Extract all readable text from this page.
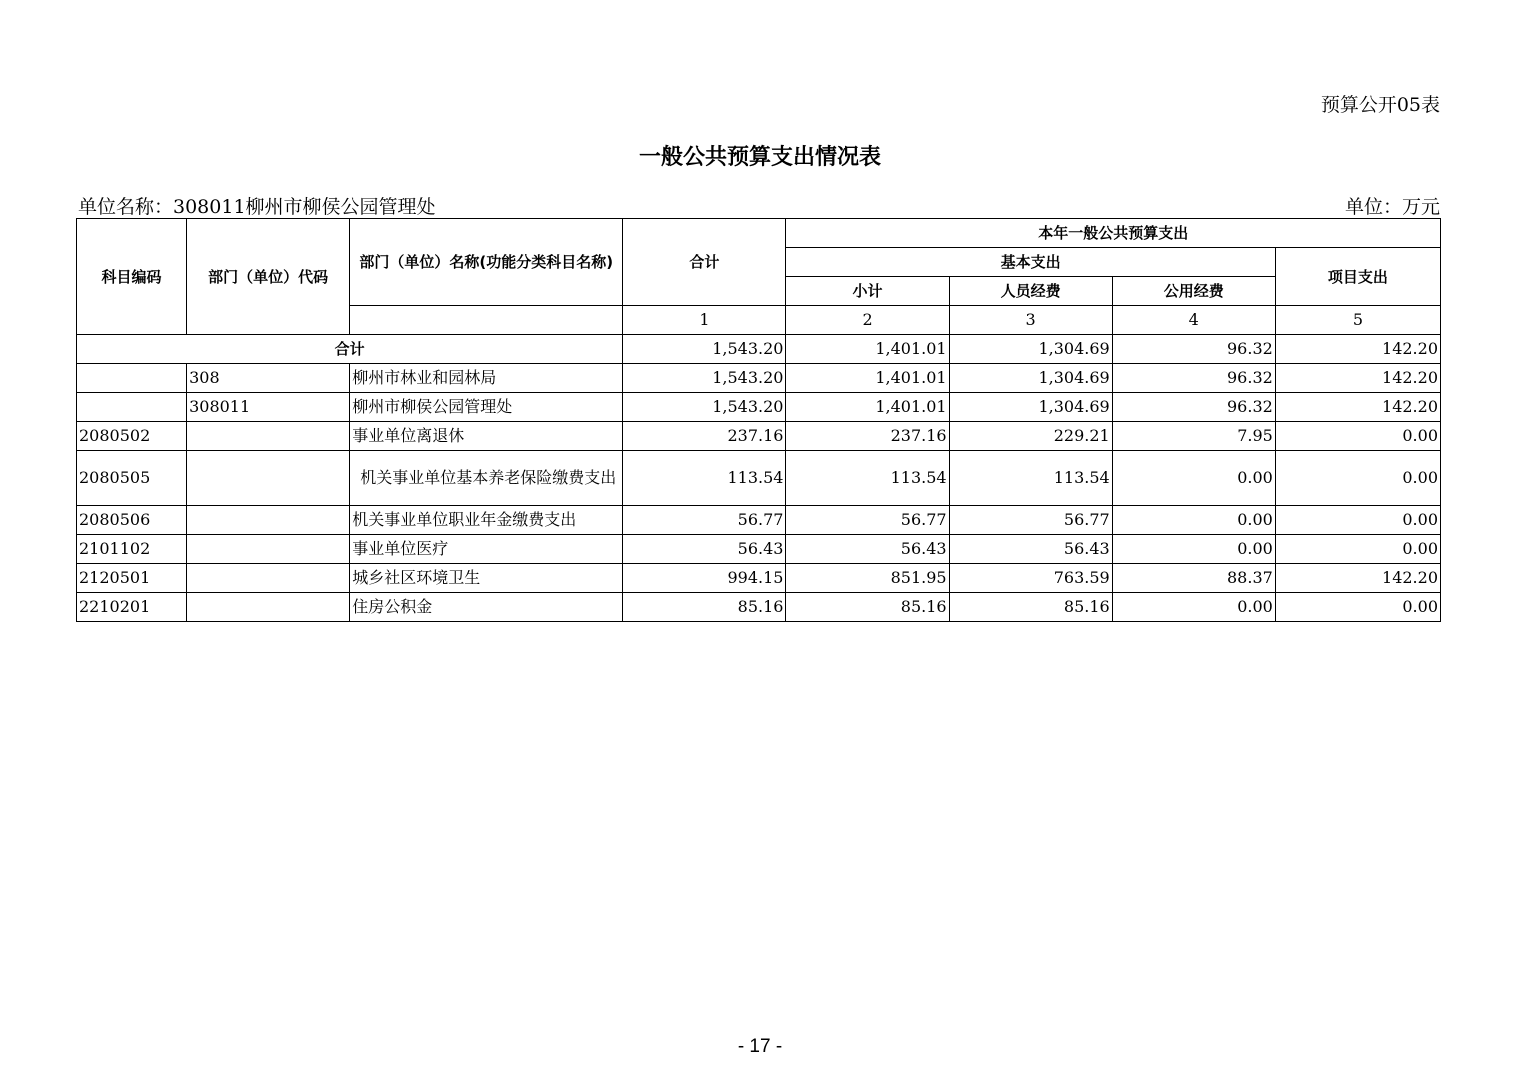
预算公开05表
一般公共预算支出情况表
单位名称：308011柳州市柳侯公园管理处	单位：万元
科目编码	部门（单位）代码	部门（单位）名称(功能分类科目名称)	合计	本年一般公共预算支出			
				基本支出			项目支出
				小计	人员经费	公用经费	
			1	2	3	4	5
合计			1,543.20	1,401.01	1,304.69	96.32	142.20
	308	柳州市林业和园林局	1,543.20	1,401.01	1,304.69	96.32	142.20
	308011	柳州市柳侯公园管理处	1,543.20	1,401.01	1,304.69	96.32	142.20
2080502		事业单位离退休	237.16	237.16	229.21	7.95	0.00
2080505		机关事业单位基本养老保险缴费支出	113.54	113.54	113.54	0.00	0.00
2080506		机关事业单位职业年金缴费支出	56.77	56.77	56.77	0.00	0.00
2101102		事业单位医疗	56.43	56.43	56.43	0.00	0.00
2120501		城乡社区环境卫生	994.15	851.95	763.59	88.37	142.20
2210201		住房公积金	85.16	85.16	85.16	0.00	0.00
- 17 -
